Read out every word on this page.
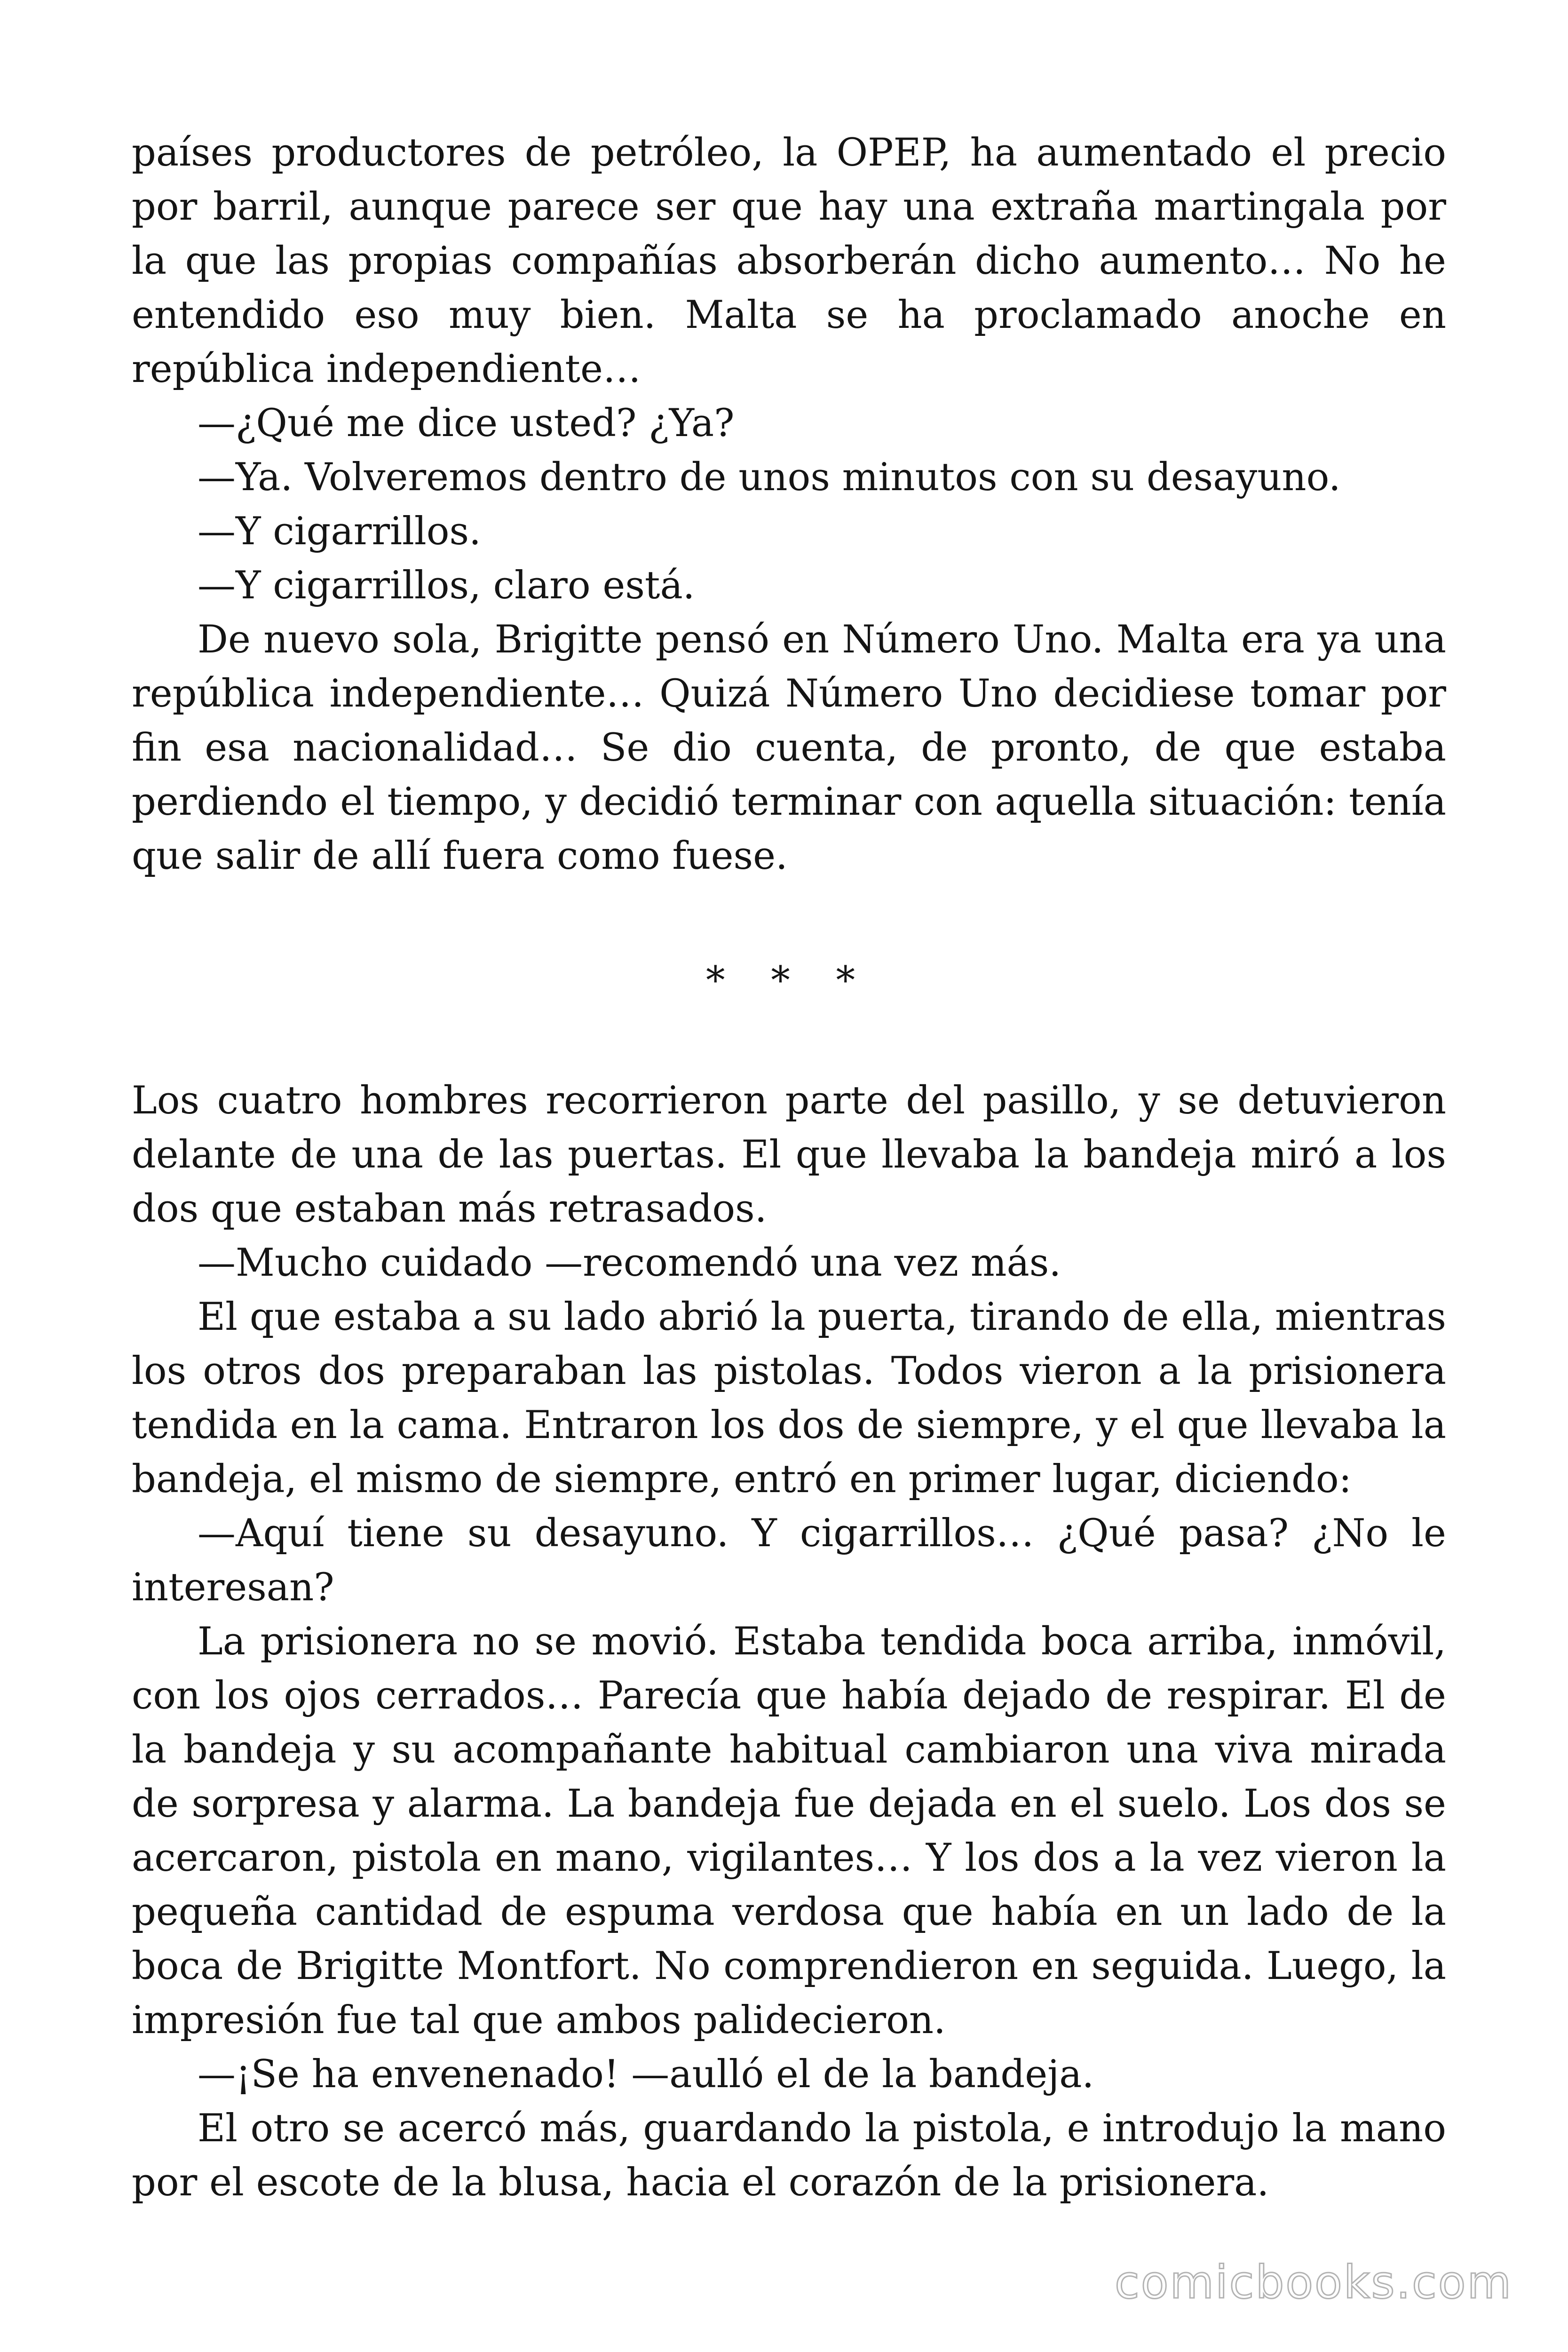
países productores de petróleo, la OPEP, ha aumentado el precio por barril, aunque parece ser que hay una extraña martingala por la que las propias compañías absorberán dicho aumento… No he entendido eso muy bien. Malta se ha proclamado anoche en república independiente…

—¿Qué me dice usted? ¿Ya?

—Ya. Volveremos dentro de unos minutos con su desayuno.

—Y cigarrillos.

—Y cigarrillos, claro está.

De nuevo sola, Brigitte pensó en Número Uno. Malta era ya una república independiente… Quizá Número Uno decidiese tomar por fin esa nacionalidad… Se dio cuenta, de pronto, de que estaba perdiendo el tiempo, y decidió terminar con aquella situación: tenía que salir de allí fuera como fuese.

* * *

Los cuatro hombres recorrieron parte del pasillo, y se detuvieron delante de una de las puertas. El que llevaba la bandeja miró a los dos que estaban más retrasados.

—Mucho cuidado —recomendó una vez más.

El que estaba a su lado abrió la puerta, tirando de ella, mientras los otros dos preparaban las pistolas. Todos vieron a la prisionera tendida en la cama. Entraron los dos de siempre, y el que llevaba la bandeja, el mismo de siempre, entró en primer lugar, diciendo:

—Aquí tiene su desayuno. Y cigarrillos… ¿Qué pasa? ¿No le interesan?

La prisionera no se movió. Estaba tendida boca arriba, inmóvil, con los ojos cerrados… Parecía que había dejado de respirar. El de la bandeja y su acompañante habitual cambiaron una viva mirada de sorpresa y alarma. La bandeja fue dejada en el suelo. Los dos se acercaron, pistola en mano, vigilantes… Y los dos a la vez vieron la pequeña cantidad de espuma verdosa que había en un lado de la boca de Brigitte Montfort. No comprendieron en seguida. Luego, la impresión fue tal que ambos palidecieron.

—¡Se ha envenenado! —aulló el de la bandeja.

El otro se acercó más, guardando la pistola, e introdujo la mano por el escote de la blusa, hacia el corazón de la prisionera.

comicbooks.com
